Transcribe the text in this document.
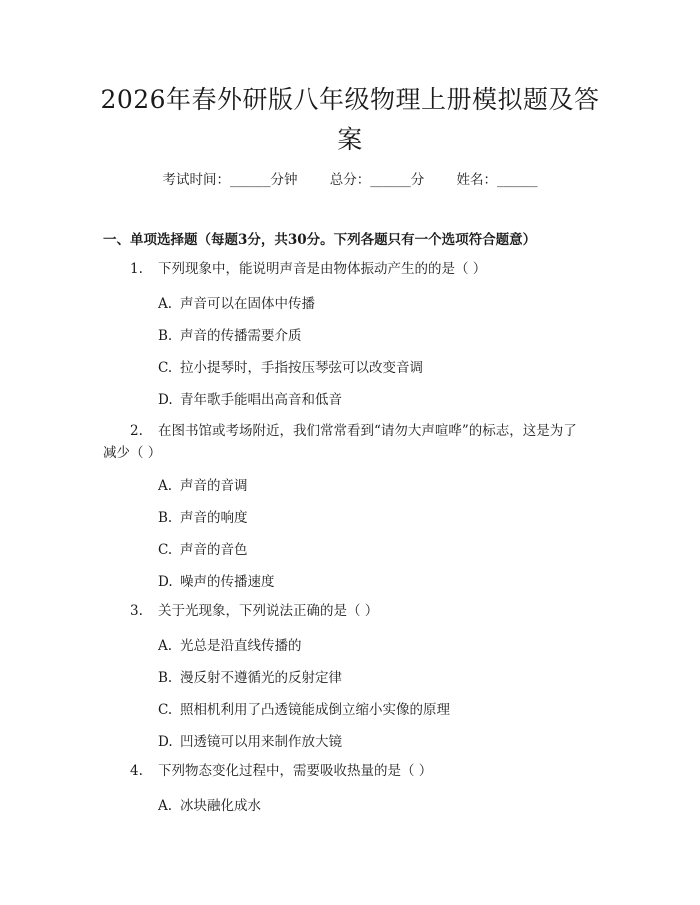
2026年春外研版八年级物理上册模拟题及答案
考试时间：______分钟 总分：______分 姓名：______
一、单项选择题（每题3分，共30分。下列各题只有一个选项符合题意）
1. 下列现象中，能说明声音是由物体振动产生的的是（ ）
A. 声音可以在固体中传播
B. 声音的传播需要介质
C. 拉小提琴时，手指按压琴弦可以改变音调
D. 青年歌手能唱出高音和低音
2. 在图书馆或考场附近，我们常常看到“请勿大声喧哗”的标志，这是为了
减少（ ）
A. 声音的音调
B. 声音的响度
C. 声音的音色
D. 噪声的传播速度
3. 关于光现象，下列说法正确的是（ ）
A. 光总是沿直线传播的
B. 漫反射不遵循光的反射定律
C. 照相机利用了凸透镜能成倒立缩小实像的原理
D. 凹透镜可以用来制作放大镜
4. 下列物态变化过程中，需要吸收热量的是（ ）
A. 冰块融化成水
